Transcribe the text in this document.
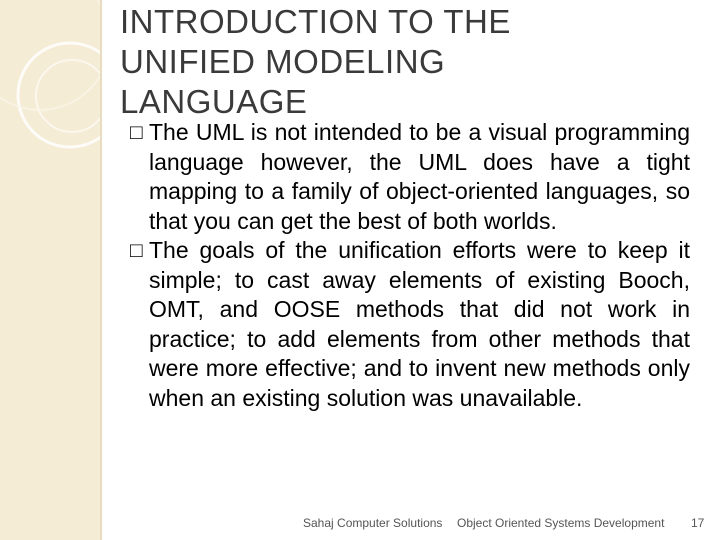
INTRODUCTION TO THE
UNIFIED MODELING
LANGUAGE

□ The UML is not intended to be a visual programming language however, the UML does have a tight mapping to a family of object-oriented languages, so that you can get the best of both worlds.

□ The goals of the unification efforts were to keep it simple; to cast away elements of existing Booch, OMT, and OOSE methods that did not work in practice; to add elements from other methods that were more effective; and to invent new methods only when an existing solution was unavailable.

Sahaj Computer Solutions Object Oriented Systems Development 17
